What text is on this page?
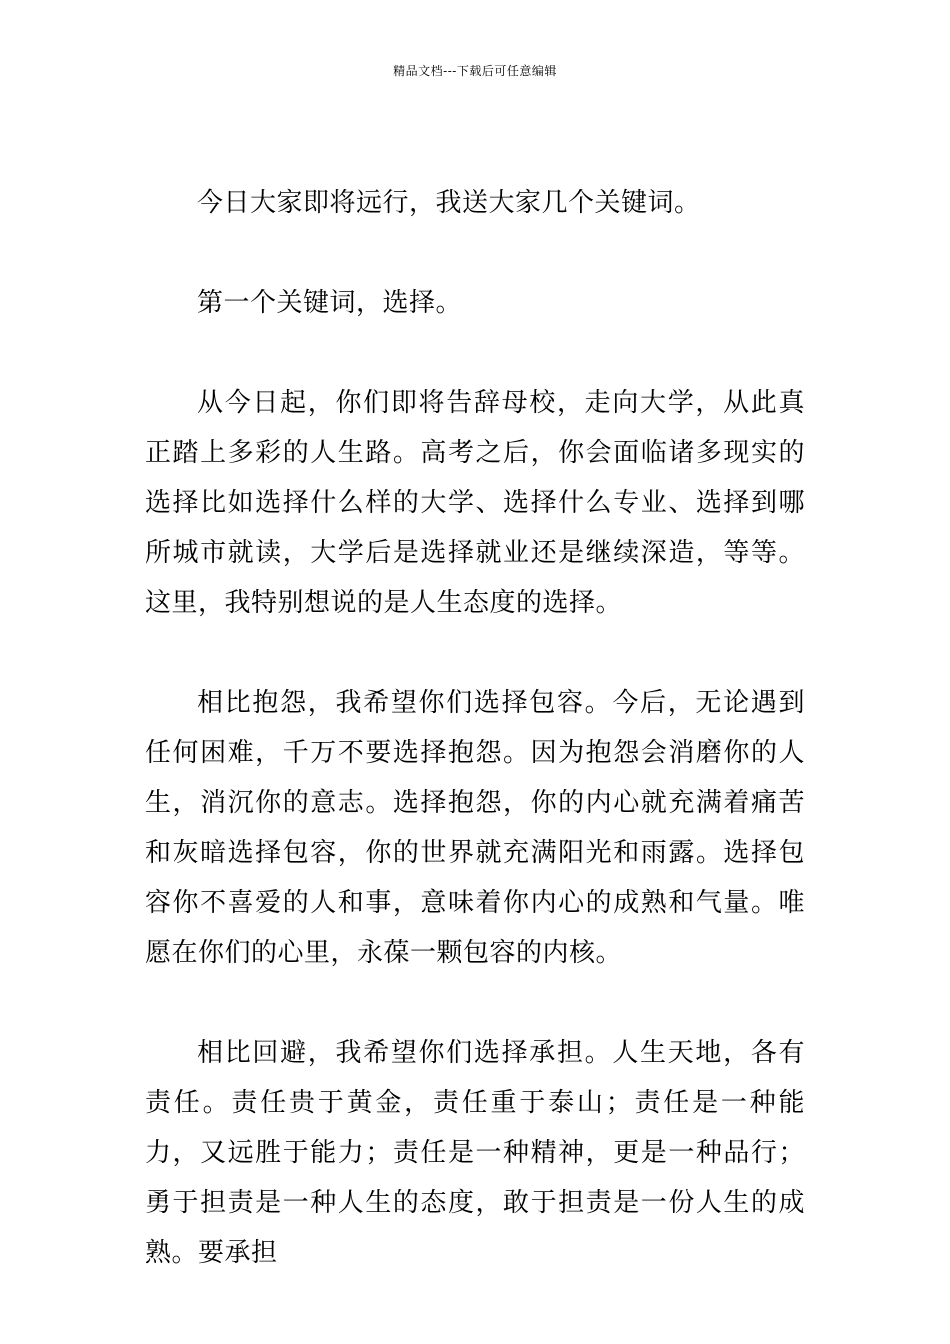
精品文档---下载后可任意编辑

今日大家即将远行，我送大家几个关键词。

第一个关键词，选择。

从今日起，你们即将告辞母校，走向大学，从此真正踏上多彩的人生路。高考之后，你会面临诸多现实的选择比如选择什么样的大学、选择什么专业、选择到哪所城市就读，大学后是选择就业还是继续深造，等等。这里，我特别想说的是人生态度的选择。

相比抱怨，我希望你们选择包容。今后，无论遇到任何困难，千万不要选择抱怨。因为抱怨会消磨你的人生，消沉你的意志。选择抱怨，你的内心就充满着痛苦和灰暗选择包容，你的世界就充满阳光和雨露。选择包容你不喜爱的人和事，意味着你内心的成熟和气量。唯愿在你们的心里，永葆一颗包容的内核。

相比回避，我希望你们选择承担。人生天地，各有责任。责任贵于黄金，责任重于泰山；责任是一种能力，又远胜于能力；责任是一种精神，更是一种品行；勇于担责是一种人生的态度，敢于担责是一份人生的成熟。要承担
